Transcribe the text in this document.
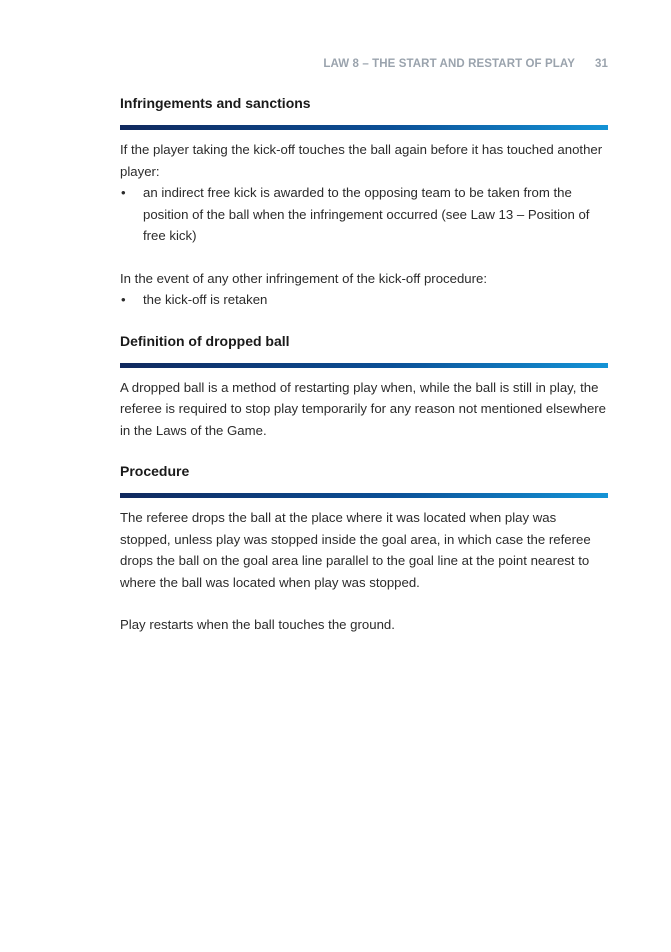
LAW 8 – THE START AND RESTART OF PLAY 31
Infringements and sanctions

If the player taking the kick-off touches the ball again before it has touched another player:

• an indirect free kick is awarded to the opposing team to be taken from the position of the ball when the infringement occurred (see Law 13 – Position of free kick)

In the event of any other infringement of the kick-off procedure:

• the kick-off is retaken
Definition of dropped ball

A dropped ball is a method of restarting play when, while the ball is still in play, the referee is required to stop play temporarily for any reason not mentioned elsewhere in the Laws of the Game.

Procedure

The referee drops the ball at the place where it was located when play was stopped, unless play was stopped inside the goal area, in which case the referee drops the ball on the goal area line parallel to the goal line at the point nearest to where the ball was located when play was stopped.

Play restarts when the ball touches the ground.
